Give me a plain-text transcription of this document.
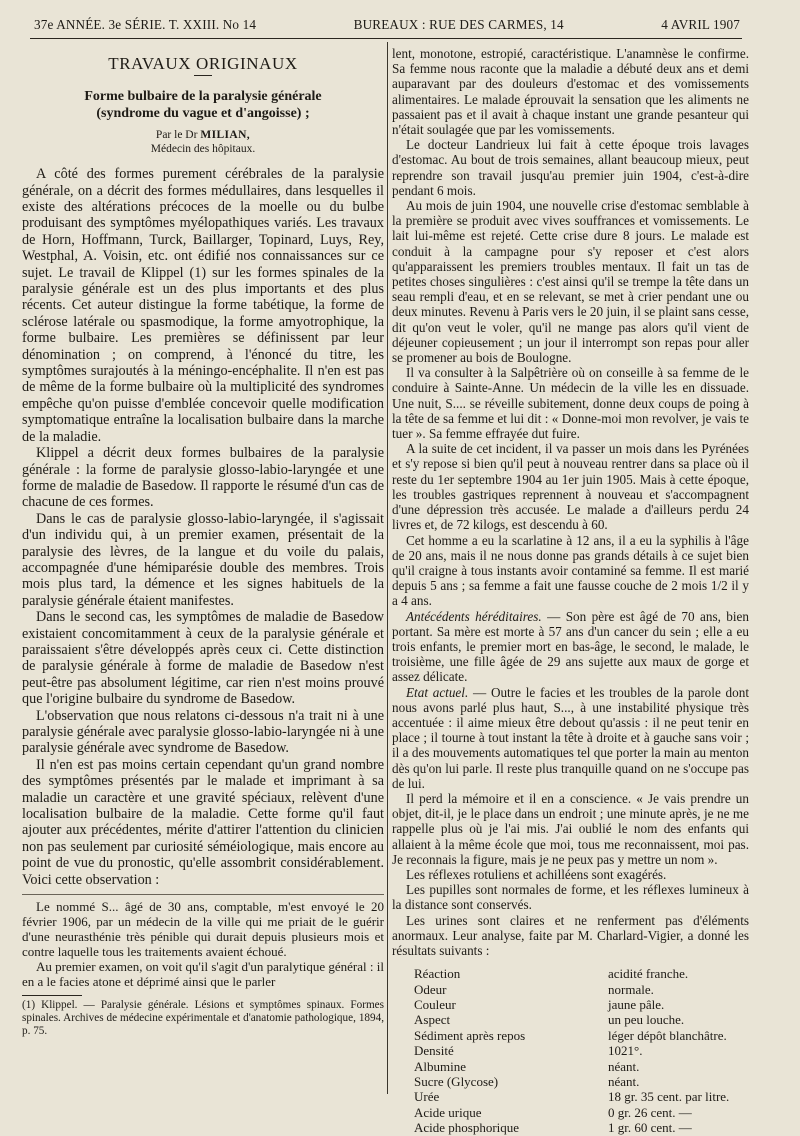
37e ANNÉE. 3e SÉRIE. T. XXIII. No 14	BUREAUX : RUE DES CARMES, 14	4 AVRIL 1907
TRAVAUX ORIGINAUX
Forme bulbaire de la paralysie générale
(syndrome du vague et d'angoisse) ;
Par le Dr MILIAN,
Médecin des hôpitaux.

A côté des formes purement cérébrales de la paralysie générale, on a décrit des formes médullaires, dans lesquelles il existe des altérations précoces de la moelle ou du bulbe produisant des symptômes myélopathiques variés. Les travaux de Horn, Hoffmann, Turck, Baillarger, Topinard, Luys, Rey, Westphal, A. Voisin, etc. ont édifié nos connaissances sur ce sujet. Le travail de Klippel (1) sur les formes spinales de la paralysie générale est un des plus importants et des plus récents. Cet auteur distingue la forme tabétique, la forme de sclérose latérale ou spasmodique, la forme amyotrophique, la forme bulbaire. Les premières se définissent par leur dénomination ; on comprend, à l'énoncé du titre, les symptômes surajoutés à la méningo-encéphalite. Il n'en est pas de même de la forme bulbaire où la multiplicité des syndromes empêche qu'on puisse d'emblée concevoir quelle modification symptomatique entraîne la localisation bulbaire dans la marche de la maladie.

Klippel a décrit deux formes bulbaires de la paralysie générale : la forme de paralysie glosso-labio-laryngée et une forme de maladie de Basedow. Il rapporte le résumé d'un cas de chacune de ces formes.

Dans le cas de paralysie glosso-labio-laryngée, il s'agissait d'un individu qui, à un premier examen, présentait de la paralysie des lèvres, de la langue et du voile du palais, accompagnée d'une hémiparésie double des membres. Trois mois plus tard, la démence et les signes habituels de la paralysie générale étaient manifestes.

Dans le second cas, les symptômes de maladie de Basedow existaient concomitamment à ceux de la paralysie générale et paraissaient s'être développés après ceux ci. Cette distinction de paralysie générale à forme de maladie de Basedow n'est peut-être pas absolument légitime, car rien n'est moins prouvé que l'origine bulbaire du syndrome de Basedow.

L'observation que nous relatons ci-dessous n'a trait ni à une paralysie générale avec paralysie glosso-labio-laryngée ni à une paralysie générale avec syndrome de Basedow.

Il n'en est pas moins certain cependant qu'un grand nombre des symptômes présentés par le malade et imprimant à sa maladie un caractère et une gravité spéciaux, relèvent d'une localisation bulbaire de la maladie. Cette forme qu'il faut ajouter aux précédentes, mérite d'attirer l'attention du clinicien non pas seulement par curiosité séméiologique, mais encore au point de vue du pronostic, qu'elle assombrit considérablement. Voici cette observation :

Le nommé S... âgé de 30 ans, comptable, m'est envoyé le 20 février 1906, par un médecin de la ville qui me priait de le guérir d'une neurasthénie très pénible qui durait depuis plusieurs mois et contre laquelle tous les traitements avaient échoué.

Au premier examen, on voit qu'il s'agit d'un paralytique général : il en a le facies atone et déprimé ainsi que le parler

(1) Klippel. — Paralysie générale. Lésions et symptômes spinaux. Formes spinales. Archives de médecine expérimentale et d'anatomie pathologique, 1894, p. 75.

lent, monotone, estropié, caractéristique. L'anamnèse le confirme. Sa femme nous raconte que la maladie a débuté deux ans et demi auparavant par des douleurs d'estomac et des vomissements alimentaires. Le malade éprouvait la sensation que les aliments ne passaient pas et il avait à chaque instant une grande pesanteur qui n'était soulagée que par les vomissements.

Le docteur Landrieux lui fait à cette époque trois lavages d'estomac. Au bout de trois semaines, allant beaucoup mieux, peut reprendre son travail jusqu'au premier juin 1904, c'est-à-dire pendant 6 mois.

Au mois de juin 1904, une nouvelle crise d'estomac semblable à la première se produit avec vives souffrances et vomissements. Le lait lui-même est rejeté. Cette crise dure 8 jours. Le malade est conduit à la campagne pour s'y reposer et c'est alors qu'apparaissent les premiers troubles mentaux. Il fait un tas de petites choses singulières : c'est ainsi qu'il se trempe la tête dans un seau rempli d'eau, et en se relevant, se met à crier pendant une ou deux minutes. Revenu à Paris vers le 20 juin, il se plaint sans cesse, dit qu'on veut le voler, qu'il ne mange pas alors qu'il vient de déjeuner copieusement ; un jour il interrompt son repas pour aller se promener au bois de Boulogne.

Il va consulter à la Salpêtrière où on conseille à sa femme de le conduire à Sainte-Anne. Un médecin de la ville les en dissuade. Une nuit, S.... se réveille subitement, donne deux coups de poing à la tête de sa femme et lui dit : « Donne-moi mon revolver, je vais te tuer ». Sa femme effrayée dut fuire.

A la suite de cet incident, il va passer un mois dans les Pyrénées et s'y repose si bien qu'il peut à nouveau rentrer dans sa place où il reste du 1er septembre 1904 au 1er juin 1905. Mais à cette époque, les troubles gastriques reprennent à nouveau et s'accompagnent d'une dépression très accusée. Le malade a d'ailleurs perdu 24 livres et, de 72 kilogs, est descendu à 60.

Cet homme a eu la scarlatine à 12 ans, il a eu la syphilis à l'âge de 20 ans, mais il ne nous donne pas grands détails à ce sujet bien qu'il craigne à tous instants avoir contaminé sa femme. Il est marié depuis 5 ans ; sa femme a fait une fausse couche de 2 mois 1/2 il y a 4 ans.

Antécédents héréditaires. — Son père est âgé de 70 ans, bien portant. Sa mère est morte à 57 ans d'un cancer du sein ; elle a eu trois enfants, le premier mort en bas-âge, le second, le malade, le troisième, une fille âgée de 29 ans sujette aux maux de gorge et assez délicate.

Etat actuel. — Outre le facies et les troubles de la parole dont nous avons parlé plus haut, S..., à une instabilité physique très accentuée : il aime mieux être debout qu'assis : il ne peut tenir en place ; il tourne à tout instant la tête à droite et à gauche sans voir ; il a des mouvements automatiques tel que porter la main au menton dès qu'on lui parle. Il reste plus tranquille quand on ne s'occupe pas de lui.

Il perd la mémoire et il en a conscience. « Je vais prendre un objet, dit-il, je le place dans un endroit ; une minute après, je ne me rappelle plus où je l'ai mis. J'ai oublié le nom des enfants qui allaient à la même école que moi, tous me reconnaissent, moi pas. Je reconnais la figure, mais je ne peux pas y mettre un nom ».

Les réflexes rotuliens et achilléens sont exagérés.

Les pupilles sont normales de forme, et les réflexes lumineux à la distance sont conservés.

Les urines sont claires et ne renferment pas d'éléments anormaux. Leur analyse, faite par M. Charlard-Vigier, a donné les résultats suivants :

Réaction	acidité franche.
Odeur	normale.
Couleur	jaune pâle.
Aspect	un peu louche.
Sédiment après repos	léger dépôt blanchâtre.
Densité	1021°.
Albumine	néant.
Sucre (Glycose)	néant.
Urée	18 gr. 35 cent. par litre.
Acide urique	0 gr. 26 cent. —
Acide phosphorique	1 gr. 60 cent. —
